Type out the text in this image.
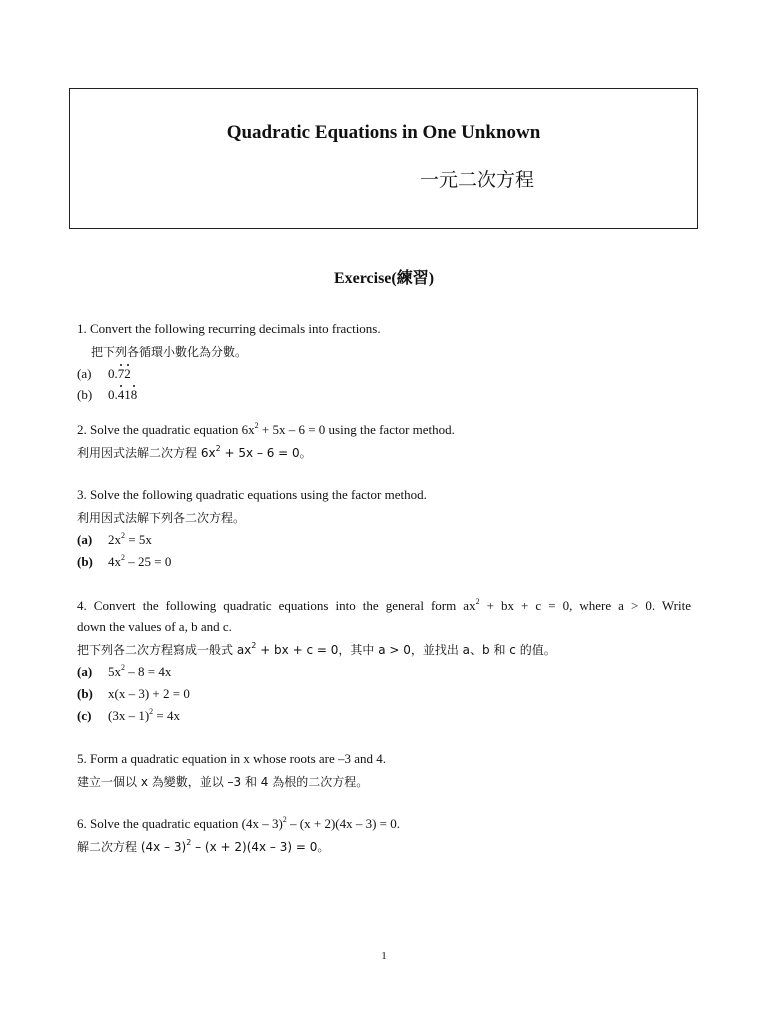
Quadratic Equations in One Unknown
一元二次方程
Exercise(練習)
1. Convert the following recurring decimals into fractions.
把下列各循環小數化為分數。
(a) 0.72
(b) 0.418
2. Solve the quadratic equation $6x^2 + 5x - 6 = 0$ using the factor method.
利用因式法解二次方程 $6x^2 + 5x - 6 = 0$。
3. Solve the following quadratic equations using the factor method.
利用因式法解下列各二次方程。
(a) $2x^2 = 5x$
(b) $4x^2 - 25 = 0$
4. Convert the following quadratic equations into the general form $ax^2$ + bx + c = 0, where a > 0. Write
down the values of a, b and c.
把下列各二次方程寫成一般式 $ax^2$ + bx + c = 0，其中 a > 0，並找出 a、b 和 c 的值。
(a) $5x^2 - 8 = 4x$
(b) x(x – 3) + 2 = 0
(c) (3x – 1)$^2$ = 4x
5. Form a quadratic equation in x whose roots are –3 and 4.
建立一個以 x 為變數，並以 –3 和 4 為根的二次方程。
6. Solve the quadratic equation (4x – 3)$^2$ – (x + 2)(4x – 3) = 0.
解二次方程 (4x – 3)$^2$ – (x + 2)(4x – 3) = 0。
1
